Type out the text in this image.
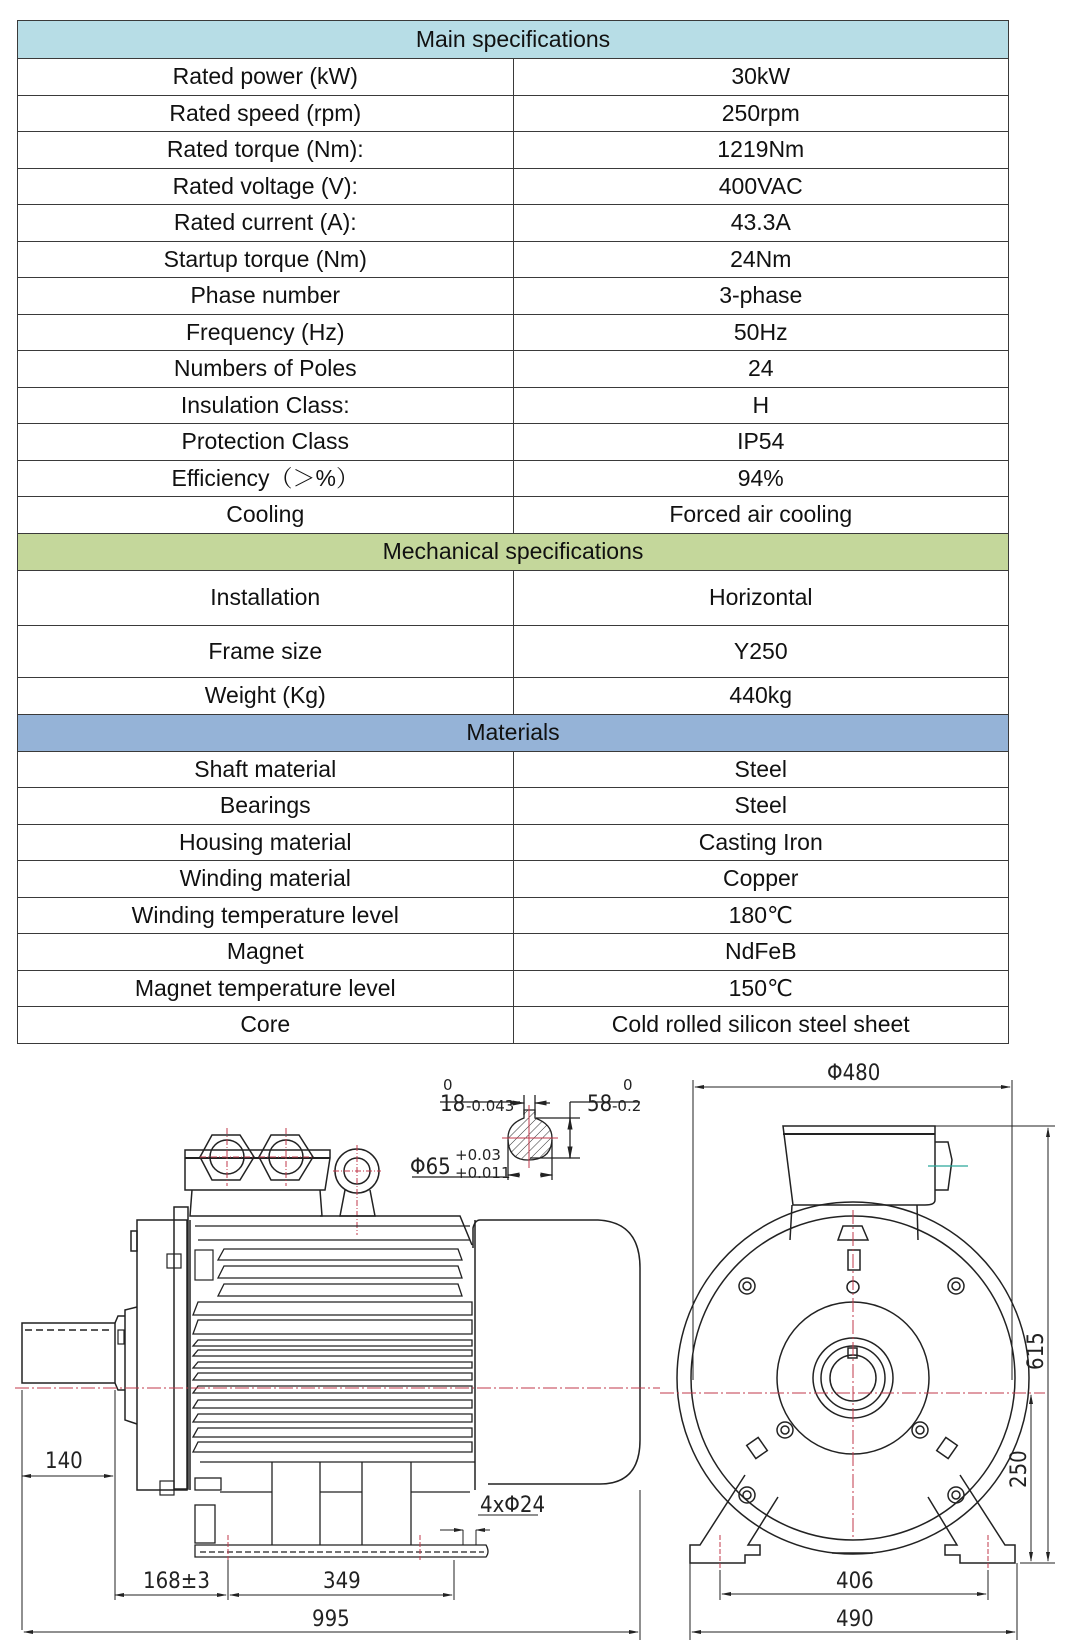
Main specifications	
Rated power (kW)	30kW
Rated speed (rpm)	250rpm
Rated torque (Nm):	1219Nm
Rated voltage (V):	400VAC
Rated current (A):	43.3A
Startup torque (Nm)	24Nm
Phase number	3-phase
Frequency (Hz)	50Hz
Numbers of Poles	24
Insulation Class:	H
Protection Class	IP54
Efficiency（＞%）	94%
Cooling	Forced air cooling
Mechanical specifications	
Installation	Horizontal
Frame size	Y250
Weight (Kg)	440kg
Materials	
Shaft material	Steel
Bearings	Steel
Housing material	Casting Iron
Winding material	Copper
Winding temperature level	180℃
Magnet	NdFeB
Magnet temperature level	150℃
Core	Cold rolled silicon steel sheet
0
18 -0.043
0
58 -0.2
Φ65 +0.03
+0.011
140
4xΦ24
168±3	349
995
Φ480
615
250
406
490
